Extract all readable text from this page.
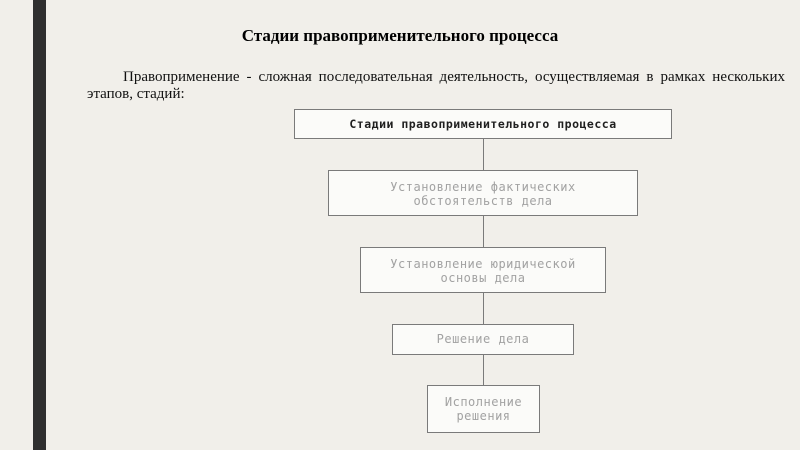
Стадии правоприменительного процесса

Правоприменение - сложная последовательная деятельность, осуществляемая в рамках нескольких этапов, стадий:

Стадии правоприменительного процесса
Установление фактических
обстоятельств дела
Установление юридической
основы дела
Решение дела
Исполнение
решения
